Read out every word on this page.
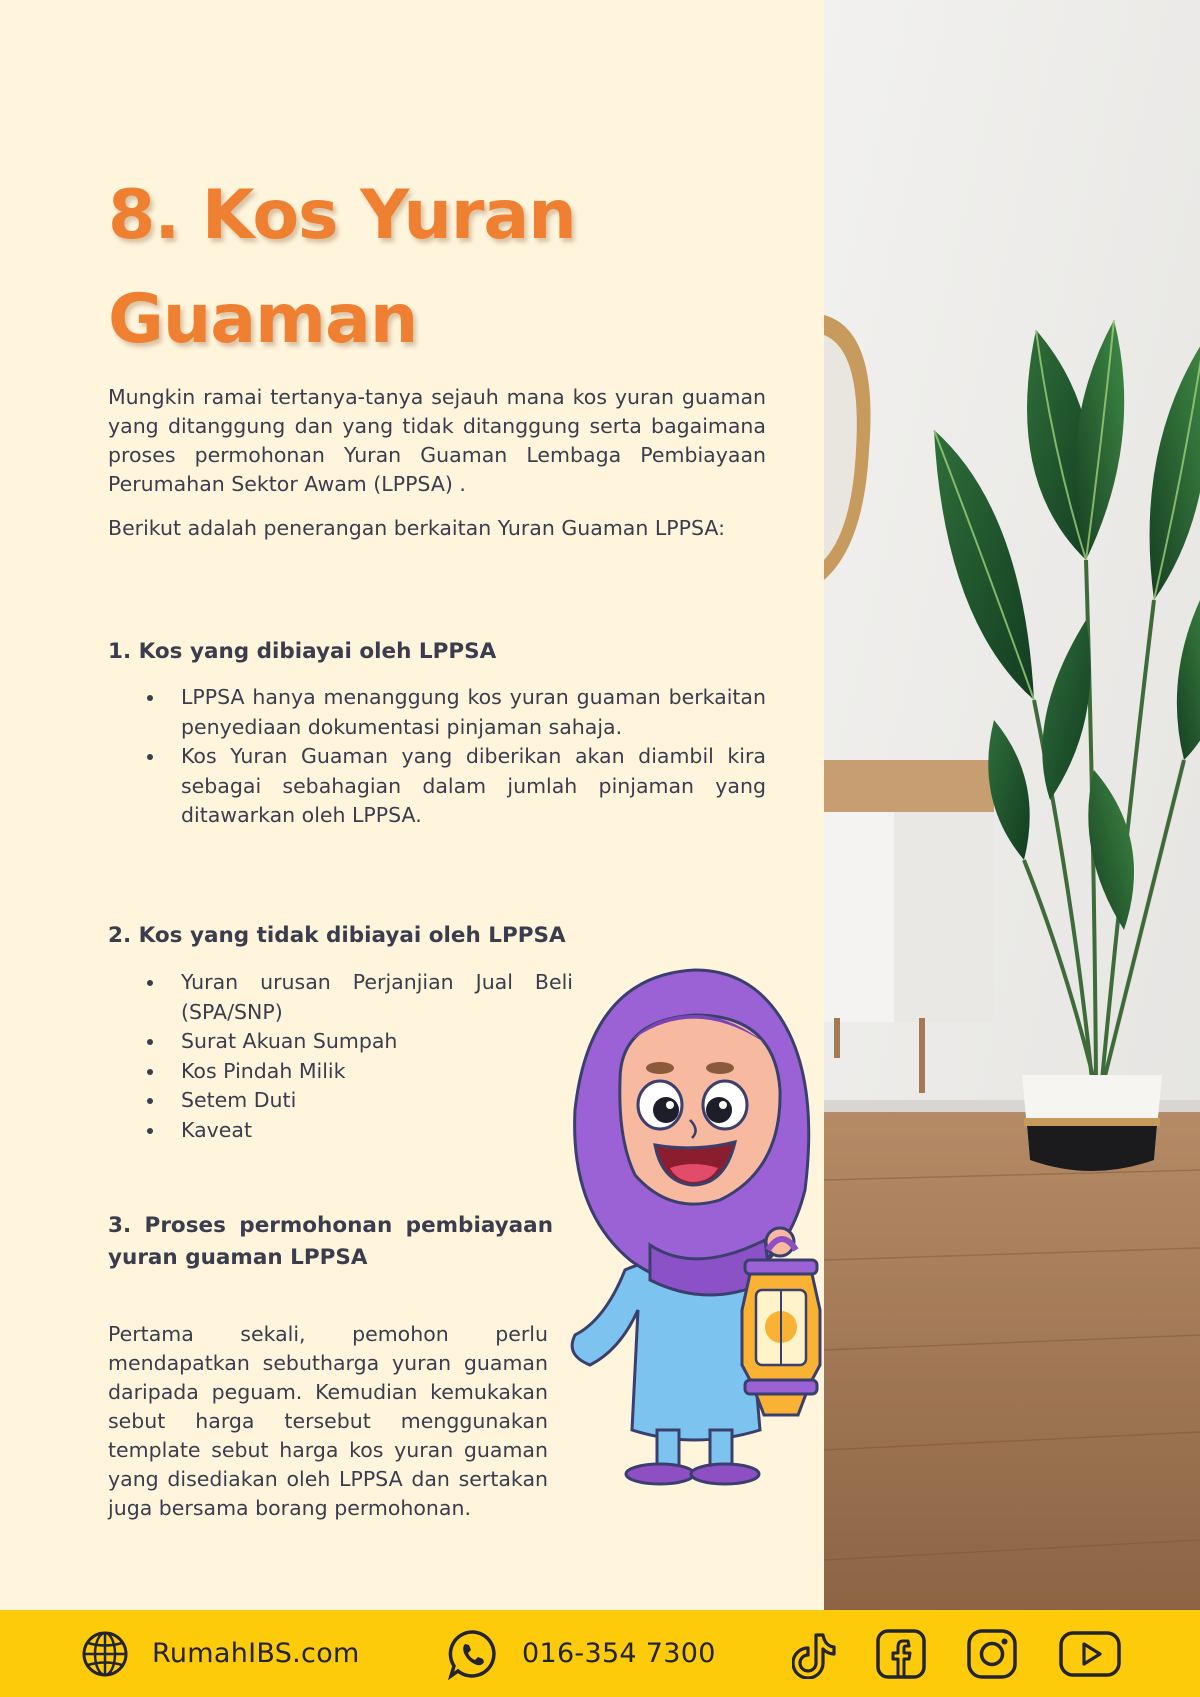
8. Kos Yuran Guaman

Mungkin ramai tertanya-tanya sejauh mana kos yuran guaman yang ditanggung dan yang tidak ditanggung serta bagaimana proses permohonan Yuran Guaman Lembaga Pembiayaan Perumahan Sektor Awam (LPPSA) .

Berikut adalah penerangan berkaitan Yuran Guaman LPPSA:

1. Kos yang dibiayai oleh LPPSA
LPPSA hanya menanggung kos yuran guaman berkaitan penyediaan dokumentasi pinjaman sahaja.
Kos Yuran Guaman yang diberikan akan diambil kira sebagai sebahagian dalam jumlah pinjaman yang ditawarkan oleh LPPSA.
2. Kos yang tidak dibiayai oleh LPPSA
Yuran urusan Perjanjian Jual Beli (SPA/SNP)
Surat Akuan Sumpah
Kos Pindah Milik
Setem Duti
Kaveat
3. Proses permohonan pembiayaan yuran guaman LPPSA

Pertama sekali, pemohon perlu mendapatkan sebutharga yuran guaman daripada peguam. Kemudian kemukakan sebut harga tersebut menggunakan template sebut harga kos yuran guaman yang disediakan oleh LPPSA dan sertakan juga bersama borang permohonan.

RumahIBS.com	016-354 7300
